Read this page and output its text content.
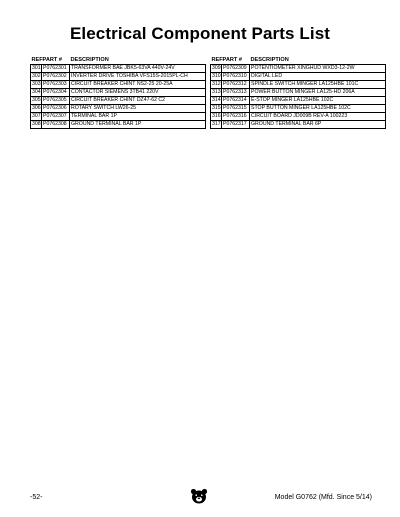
Electrical Component Parts List
REF	PART #	DESCRIPTION
301	P0762301	TRANSFORMER BAE JBK5-63VA 440V-24V
302	P0762302	INVERTER DRIVE TOSHIBA VFS15S-2015PL-CH
303	P0762303	CIRCUIT BREAKER CHINT NS2-25 20-25A
304	P0762304	CONTACTOR SIEMENS 3TB41 220V
305	P0762305	CIRCUIT BREAKER CHINT DZ47-62 C2
306	P0762306	ROTARY SWITCH LW26-25
307	P0762307	TERMINAL BAR 1P
308	P0762308	GROUND TERMINAL BAR 1P
REF	PART #	DESCRIPTION
309	P0762309	POTENTIOMETER XINGHUD WXD3-12-2W
310	P0762310	DIGITAL LED
312	P0762312	SPINDLE SWITCH MINGER LA125HBE 101C
313	P0762313	POWER BUTTON MINGER LA125-HD 206A
314	P0762314	E-STOP MINGER LA125HBE 102C
315	P0762315	STOP BUTTON MINGER LA125HBE 102C
316	P0762316	CIRCUIT BOARD JD009B REV-A 100223
317	P0762317	GROUND TERMINAL BAR 6P
-52-	Model G0762 (Mfd. Since 5/14)
